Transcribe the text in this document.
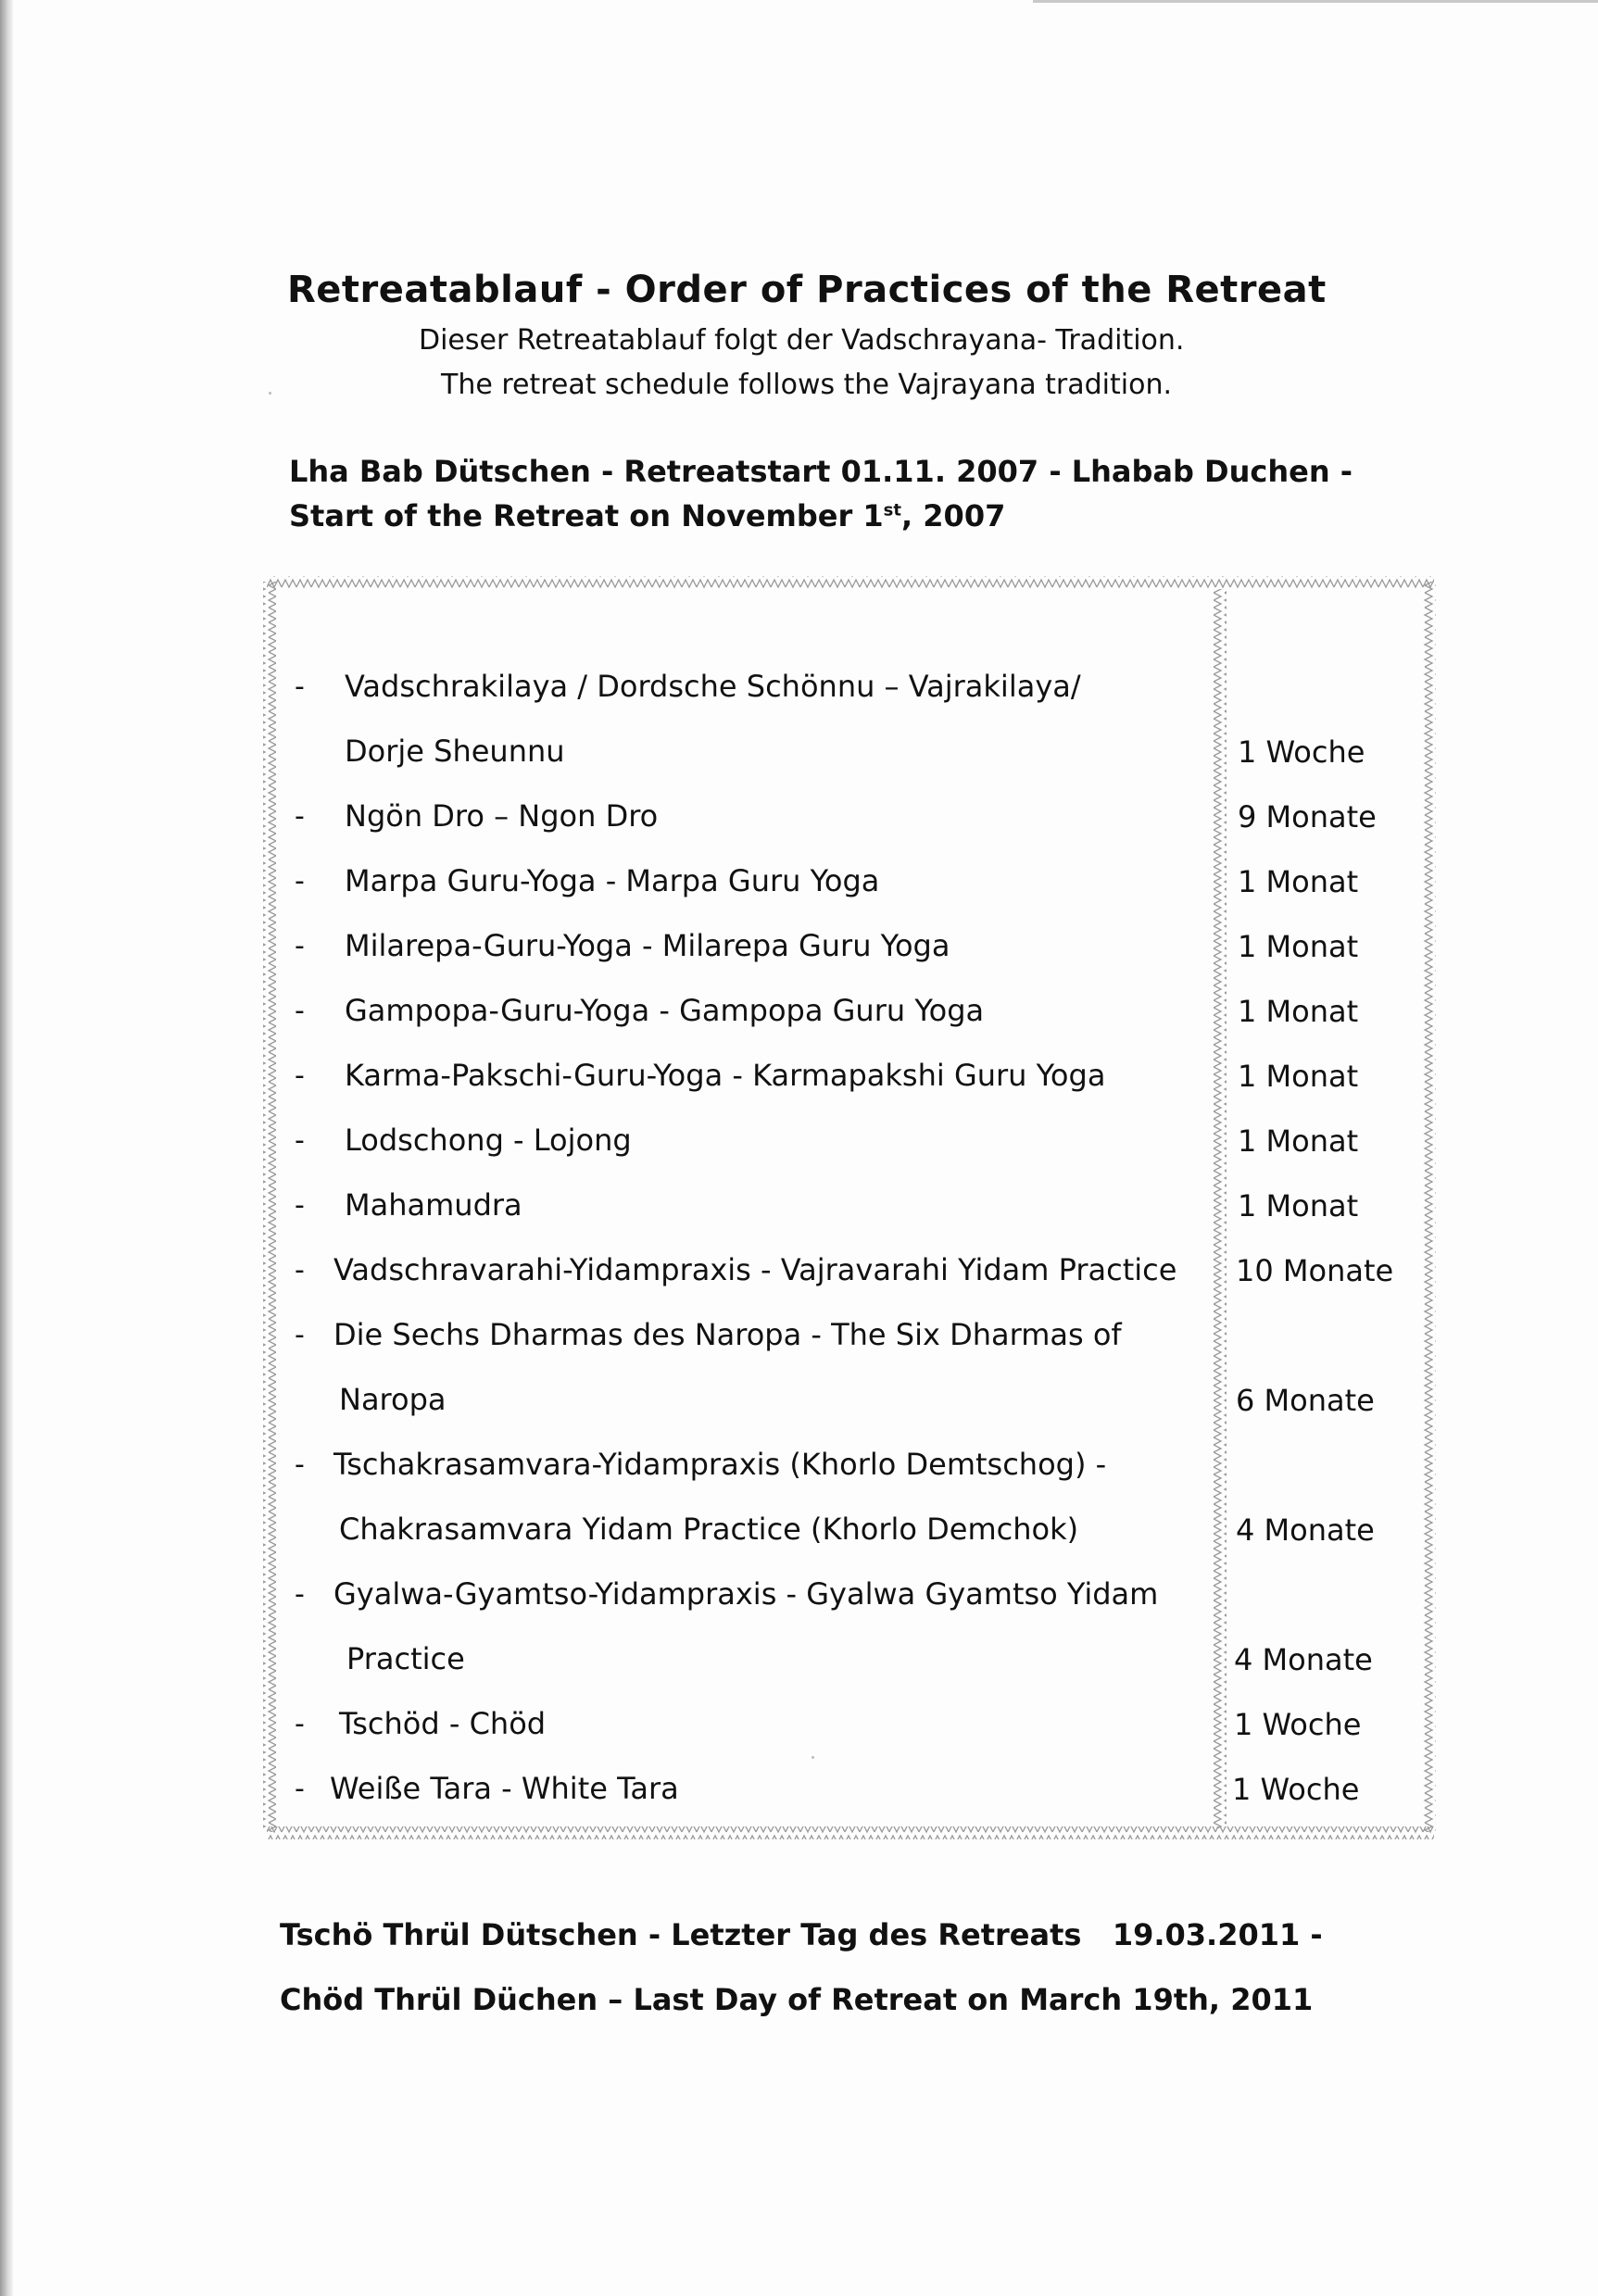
Retreatablauf - Order of Practices of the Retreat
Dieser Retreatablauf folgt der Vadschrayana- Tradition.
The retreat schedule follows the Vajrayana tradition.
Lha Bab Dütschen - Retreatstart 01.11. 2007 - Lhabab Duchen -
Start of the Retreat on November 1st, 2007
- Vadschrakilaya / Dordsche Schönnu – Vajrakilaya/
Dorje Sheunnu	1 Woche
- Ngön Dro – Ngon Dro	9 Monate
- Marpa Guru-Yoga - Marpa Guru Yoga	1 Monat
- Milarepa-Guru-Yoga - Milarepa Guru Yoga	1 Monat
- Gampopa-Guru-Yoga - Gampopa Guru Yoga	1 Monat
- Karma-Pakschi-Guru-Yoga - Karmapakshi Guru Yoga	1 Monat
- Lodschong - Lojong	1 Monat
- Mahamudra	1 Monat
- Vadschravarahi-Yidampraxis - Vajravarahi Yidam Practice 10 Monate
- Die Sechs Dharmas des Naropa - The Six Dharmas of
Naropa	6 Monate
- Tschakrasamvara-Yidampraxis (Khorlo Demtschog) -
Chakrasamvara Yidam Practice (Khorlo Demchok)	4 Monate
- Gyalwa-Gyamtso-Yidampraxis - Gyalwa Gyamtso Yidam
Practice	4 Monate
- Tschöd - Chöd	1 Woche
- Weiße Tara - White Tara	1 Woche
Tschö Thrül Dütschen - Letzter Tag des Retreats   19.03.2011 -
Chöd Thrül Düchen – Last Day of Retreat on March 19th, 2011
